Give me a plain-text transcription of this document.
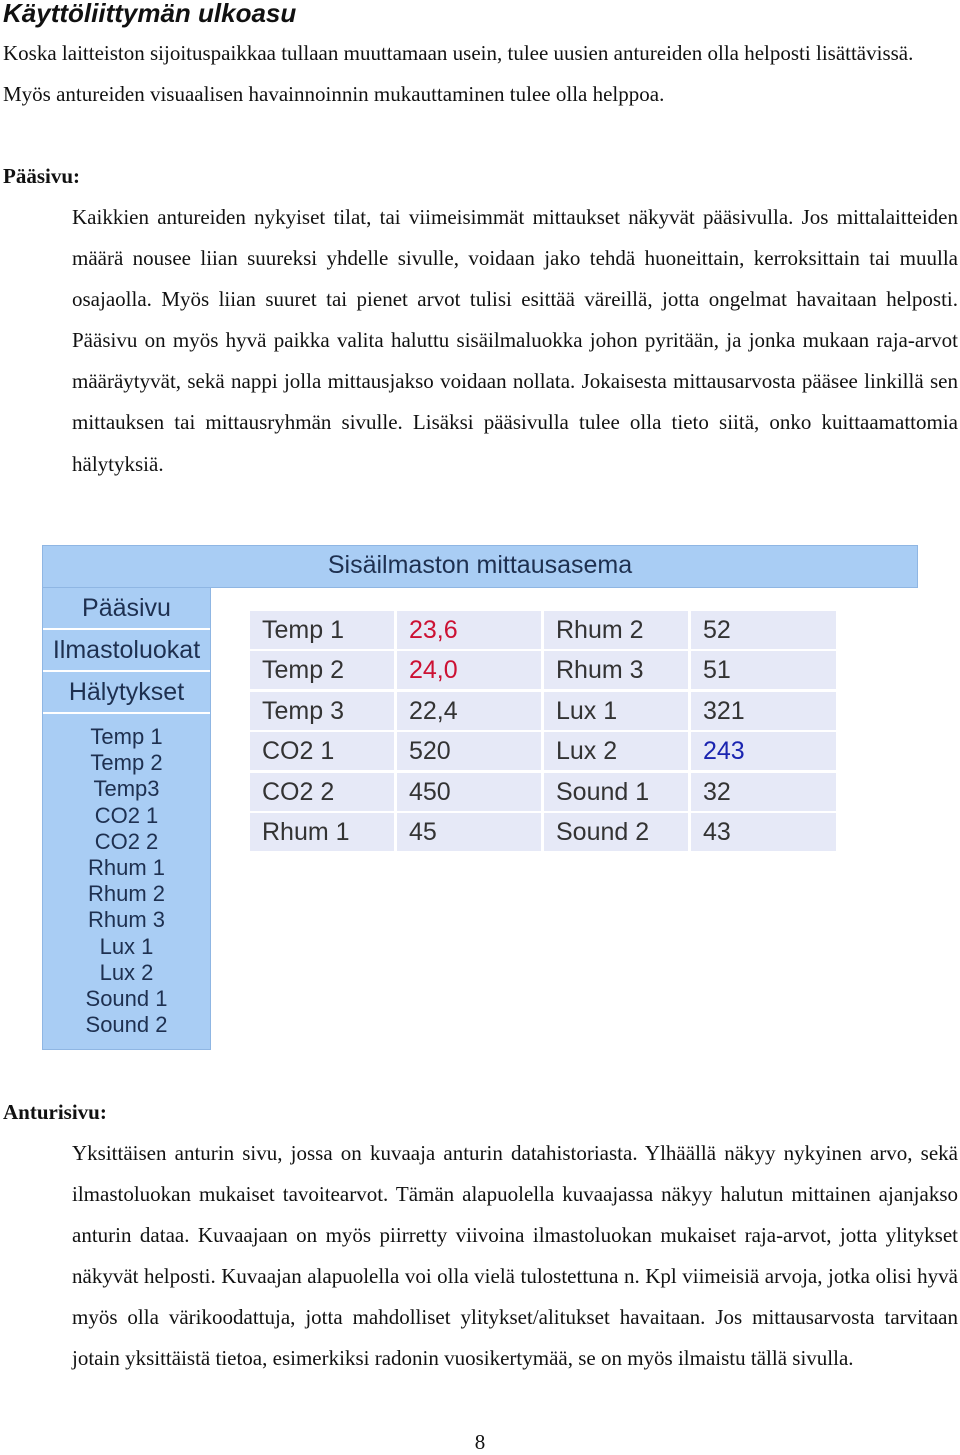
Käyttöliittymän ulkoasu

Koska laitteiston sijoituspaikkaa tullaan muuttamaan usein, tulee uusien antureiden olla helposti lisättävissä. Myös antureiden visuaalisen havainnoinnin mukauttaminen tulee olla helppoa.

Pääsivu:

Kaikkien antureiden nykyiset tilat, tai viimeisimmät mittaukset näkyvät pääsivulla. Jos mittalaitteiden määrä nousee liian suureksi yhdelle sivulle, voidaan jako tehdä huoneittain, kerroksittain tai muulla osajaolla. Myös liian suuret tai pienet arvot tulisi esittää väreillä, jotta ongelmat havaitaan helposti. Pääsivu on myös hyvä paikka valita haluttu sisäilmaluokka johon pyritään, ja jonka mukaan raja-arvot määräytyvät, sekä nappi jolla mittausjakso voidaan nollata. Jokaisesta mittausarvosta pääsee linkillä sen mittauksen tai mittausryhmän sivulle. Lisäksi pääsivulla tulee olla tieto siitä, onko kuittaamattomia hälytyksiä.

Sisäilmaston mittausasema
Pääsivu
Ilmastoluokat
Hälytykset
Temp 1
Temp 2
Temp3
CO2 1
CO2 2
Rhum 1
Rhum 2
Rhum 3
Lux 1
Lux 2
Sound 1
Sound 2
Temp 1	23,6	Rhum 2	52
Temp 2	24,0	Rhum 3	51
Temp 3	22,4	Lux 1	321
CO2 1	520	Lux 2	243
CO2 2	450	Sound 1	32
Rhum 1	45	Sound 2	43
Anturisivu:

Yksittäisen anturin sivu, jossa on kuvaaja anturin datahistoriasta. Ylhäällä näkyy nykyinen arvo, sekä ilmastoluokan mukaiset tavoitearvot. Tämän alapuolella kuvaajassa näkyy halutun mittainen ajanjakso anturin dataa. Kuvaajaan on myös piirretty viivoina ilmastoluokan mukaiset raja-arvot, jotta ylitykset näkyvät helposti. Kuvaajan alapuolella voi olla vielä tulostettuna n. Kpl viimeisiä arvoja, jotka olisi hyvä myös olla värikoodattuja, jotta mahdolliset ylitykset/alitukset havaitaan. Jos mittausarvosta tarvitaan jotain yksittäistä tietoa, esimerkiksi radonin vuosikertymää, se on myös ilmaistu tällä sivulla.

8
